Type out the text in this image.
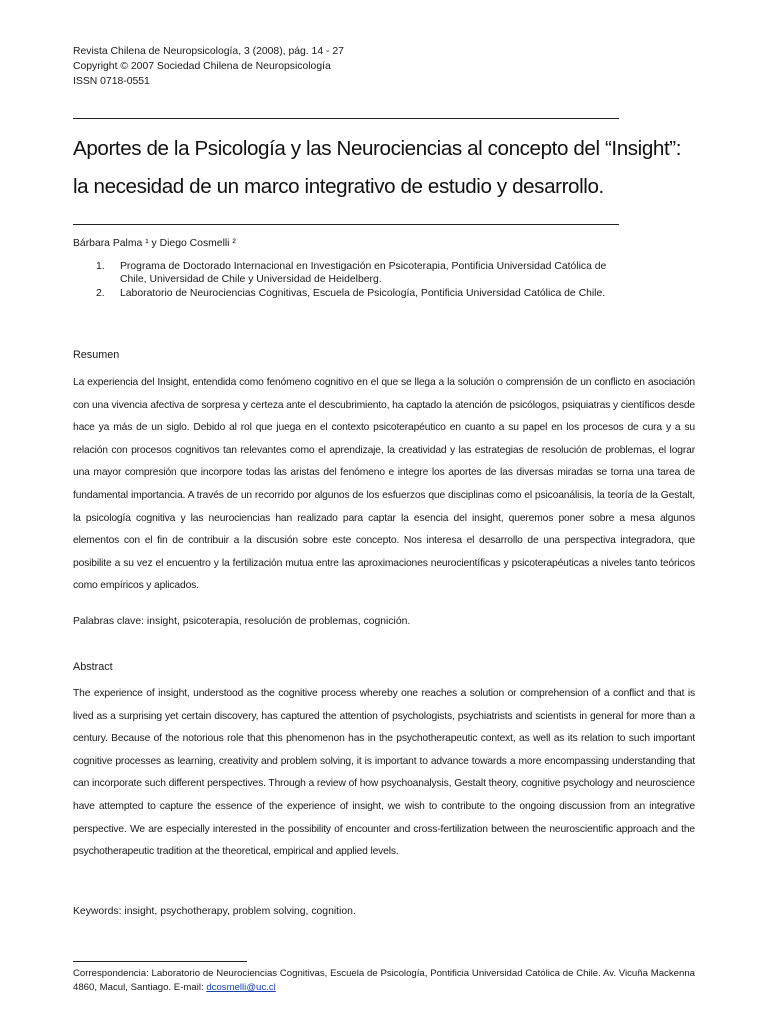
Revista Chilena de Neuropsicología, 3 (2008), pág. 14 - 27
Copyright © 2007 Sociedad Chilena de Neuropsicología
ISSN 0718-0551
Aportes de la Psicología y las Neurociencias al concepto del “Insight”:
la necesidad de un marco integrativo de estudio y desarrollo.
Bárbara Palma ¹ y Diego Cosmelli ²
1. Programa de Doctorado Internacional en Investigación en Psicoterapia, Pontificia Universidad Católica de Chile, Universidad de Chile y Universidad de Heidelberg.
2. Laboratorio de Neurociencias Cognitivas, Escuela de Psicología, Pontificia Universidad Católica de Chile.
Resumen
La experiencia del Insight, entendida como fenómeno cognitivo en el que se llega a la solución o comprensión de un conflicto en asociación con una vivencia afectiva de sorpresa y certeza ante el descubrimiento, ha captado la atención de psicólogos, psiquiatras y científicos desde hace ya más de un siglo. Debido al rol que juega en el contexto psicoterapéutico en cuanto a su papel en los procesos de cura y a su relación con procesos cognitivos tan relevantes como el aprendizaje, la creatividad y las estrategias de resolución de problemas, el lograr una mayor compresión que incorpore todas las aristas del fenómeno e integre los aportes de las diversas miradas se torna una tarea de fundamental importancia. A través de un recorrido por algunos de los esfuerzos que disciplinas como el psicoanálisis, la teoría de la Gestalt, la psicología cognitiva y las neurociencias han realizado para captar la esencia del insight, queremos poner sobre a mesa algunos elementos con el fin de contribuir a la discusión sobre este concepto. Nos interesa el desarrollo de una perspectiva integradora, que posibilite a su vez el encuentro y la fertilización mutua entre las aproximaciones neurocientíficas y psicoterapéuticas a niveles tanto teóricos como empíricos y aplicados.
Palabras clave: insight, psicoterapia, resolución de problemas, cognición.
Abstract
The experience of insight, understood as the cognitive process whereby one reaches a solution or comprehension of a conflict and that is lived as a surprising yet certain discovery, has captured the attention of psychologists, psychiatrists and scientists in general for more than a century. Because of the notorious role that this phenomenon has in the psychotherapeutic context, as well as its relation to such important cognitive processes as learning, creativity and problem solving, it is important to advance towards a more encompassing understanding that can incorporate such different perspectives. Through a review of how psychoanalysis, Gestalt theory, cognitive psychology and neuroscience have attempted to capture the essence of the experience of insight, we wish to contribute to the ongoing discussion from an integrative perspective. We are especially interested in the possibility of encounter and cross-fertilization between the neuroscientific approach and the psychotherapeutic tradition at the theoretical, empirical and applied levels.
Keywords: insight, psychotherapy, problem solving, cognition.
Correspondencia: Laboratorio de Neurociencias Cognitivas, Escuela de Psicología, Pontificia Universidad Católica de Chile. Av. Vicuña Mackenna 4860, Macul, Santiago. E-mail: dcosmelli@uc.cl
